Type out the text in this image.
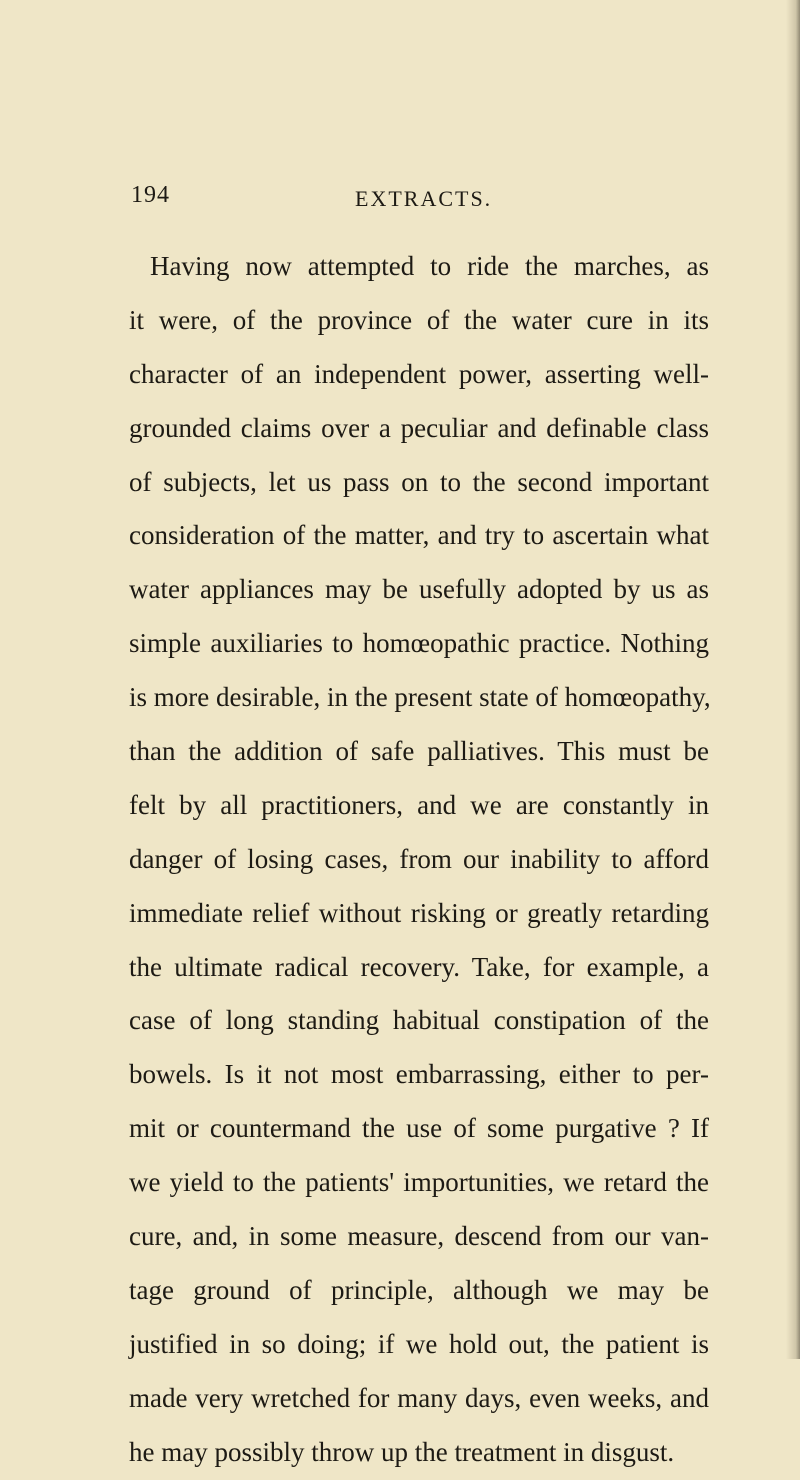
194	EXTRACTS.
Having now attempted to ride the marches, as
it were, of the province of the water cure in its
character of an independent power, asserting well-
grounded claims over a peculiar and definable class
of subjects, let us pass on to the second important
consideration of the matter, and try to ascertain what
water appliances may be usefully adopted by us as
simple auxiliaries to homœopathic practice. Nothing
is more desirable, in the present state of homœopathy,
than the addition of safe palliatives. This must be
felt by all practitioners, and we are constantly in
danger of losing cases, from our inability to afford
immediate relief without risking or greatly retarding
the ultimate radical recovery. Take, for example, a
case of long standing habitual constipation of the
bowels. Is it not most embarrassing, either to per-
mit or countermand the use of some purgative ? If
we yield to the patients' importunities, we retard the
cure, and, in some measure, descend from our van-
tage ground of principle, although we may be
justified in so doing; if we hold out, the patient is
made very wretched for many days, even weeks, and
he may possibly throw up the treatment in disgust.
